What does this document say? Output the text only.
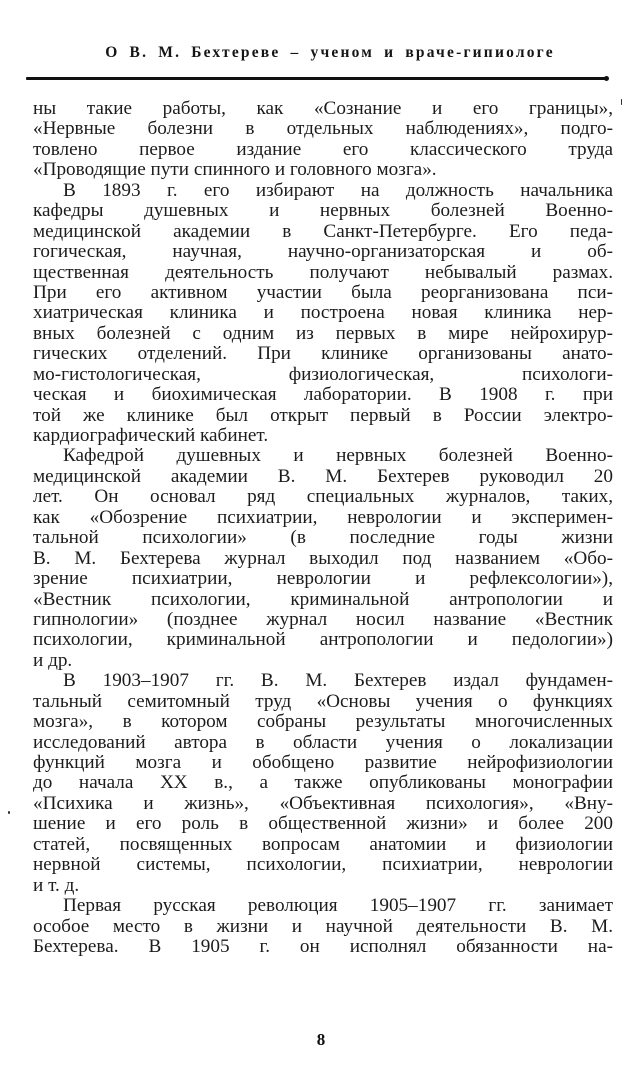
О В. М. Бехтереве – ученом и враче-гипиологе
ны такие работы, как «Сознание и его границы»,
«Нервные болезни в отдельных наблюдениях», подго-
товлено первое издание его классического труда
«Проводящие пути спинного и головного мозга».
В 1893 г. его избирают на должность начальника
кафедры душевных и нервных болезней Военно-
медицинской академии в Санкт-Петербурге. Его педа-
гогическая, научная, научно-организаторская и об-
щественная деятельность получают небывалый размах.
При его активном участии была реорганизована пси-
хиатрическая клиника и построена новая клиника нер-
вных болезней с одним из первых в мире нейрохирур-
гических отделений. При клинике организованы анато-
мо-гистологическая, физиологическая, психологи-
ческая и биохимическая лаборатории. В 1908 г. при
той же клинике был открыт первый в России электро-
кардиографический кабинет.
Кафедрой душевных и нервных болезней Военно-
медицинской академии В. М. Бехтерев руководил 20
лет. Он основал ряд специальных журналов, таких,
как «Обозрение психиатрии, неврологии и эксперимен-
тальной психологии» (в последние годы жизни
В. М. Бехтерева журнал выходил под названием «Обо-
зрение психиатрии, неврологии и рефлексологии»),
«Вестник психологии, криминальной антропологии и
гипнологии» (позднее журнал носил название «Вестник
психологии, криминальной антропологии и педологии»)
и др.
В 1903–1907 гг. В. М. Бехтерев издал фундамен-
тальный семитомный труд «Основы учения о функциях
мозга», в котором собраны результаты многочисленных
исследований автора в области учения о локализации
функций мозга и обобщено развитие нейрофизиологии
до начала XX в., а также опубликованы монографии
«Психика и жизнь», «Объективная психология», «Вну-
шение и его роль в общественной жизни» и более 200
статей, посвященных вопросам анатомии и физиологии
нервной системы, психологии, психиатрии, неврологии
и т. д.
Первая русская революция 1905–1907 гг. занимает
особое место в жизни и научной деятельности В. М.
Бехтерева. В 1905 г. он исполнял обязанности на-
8
